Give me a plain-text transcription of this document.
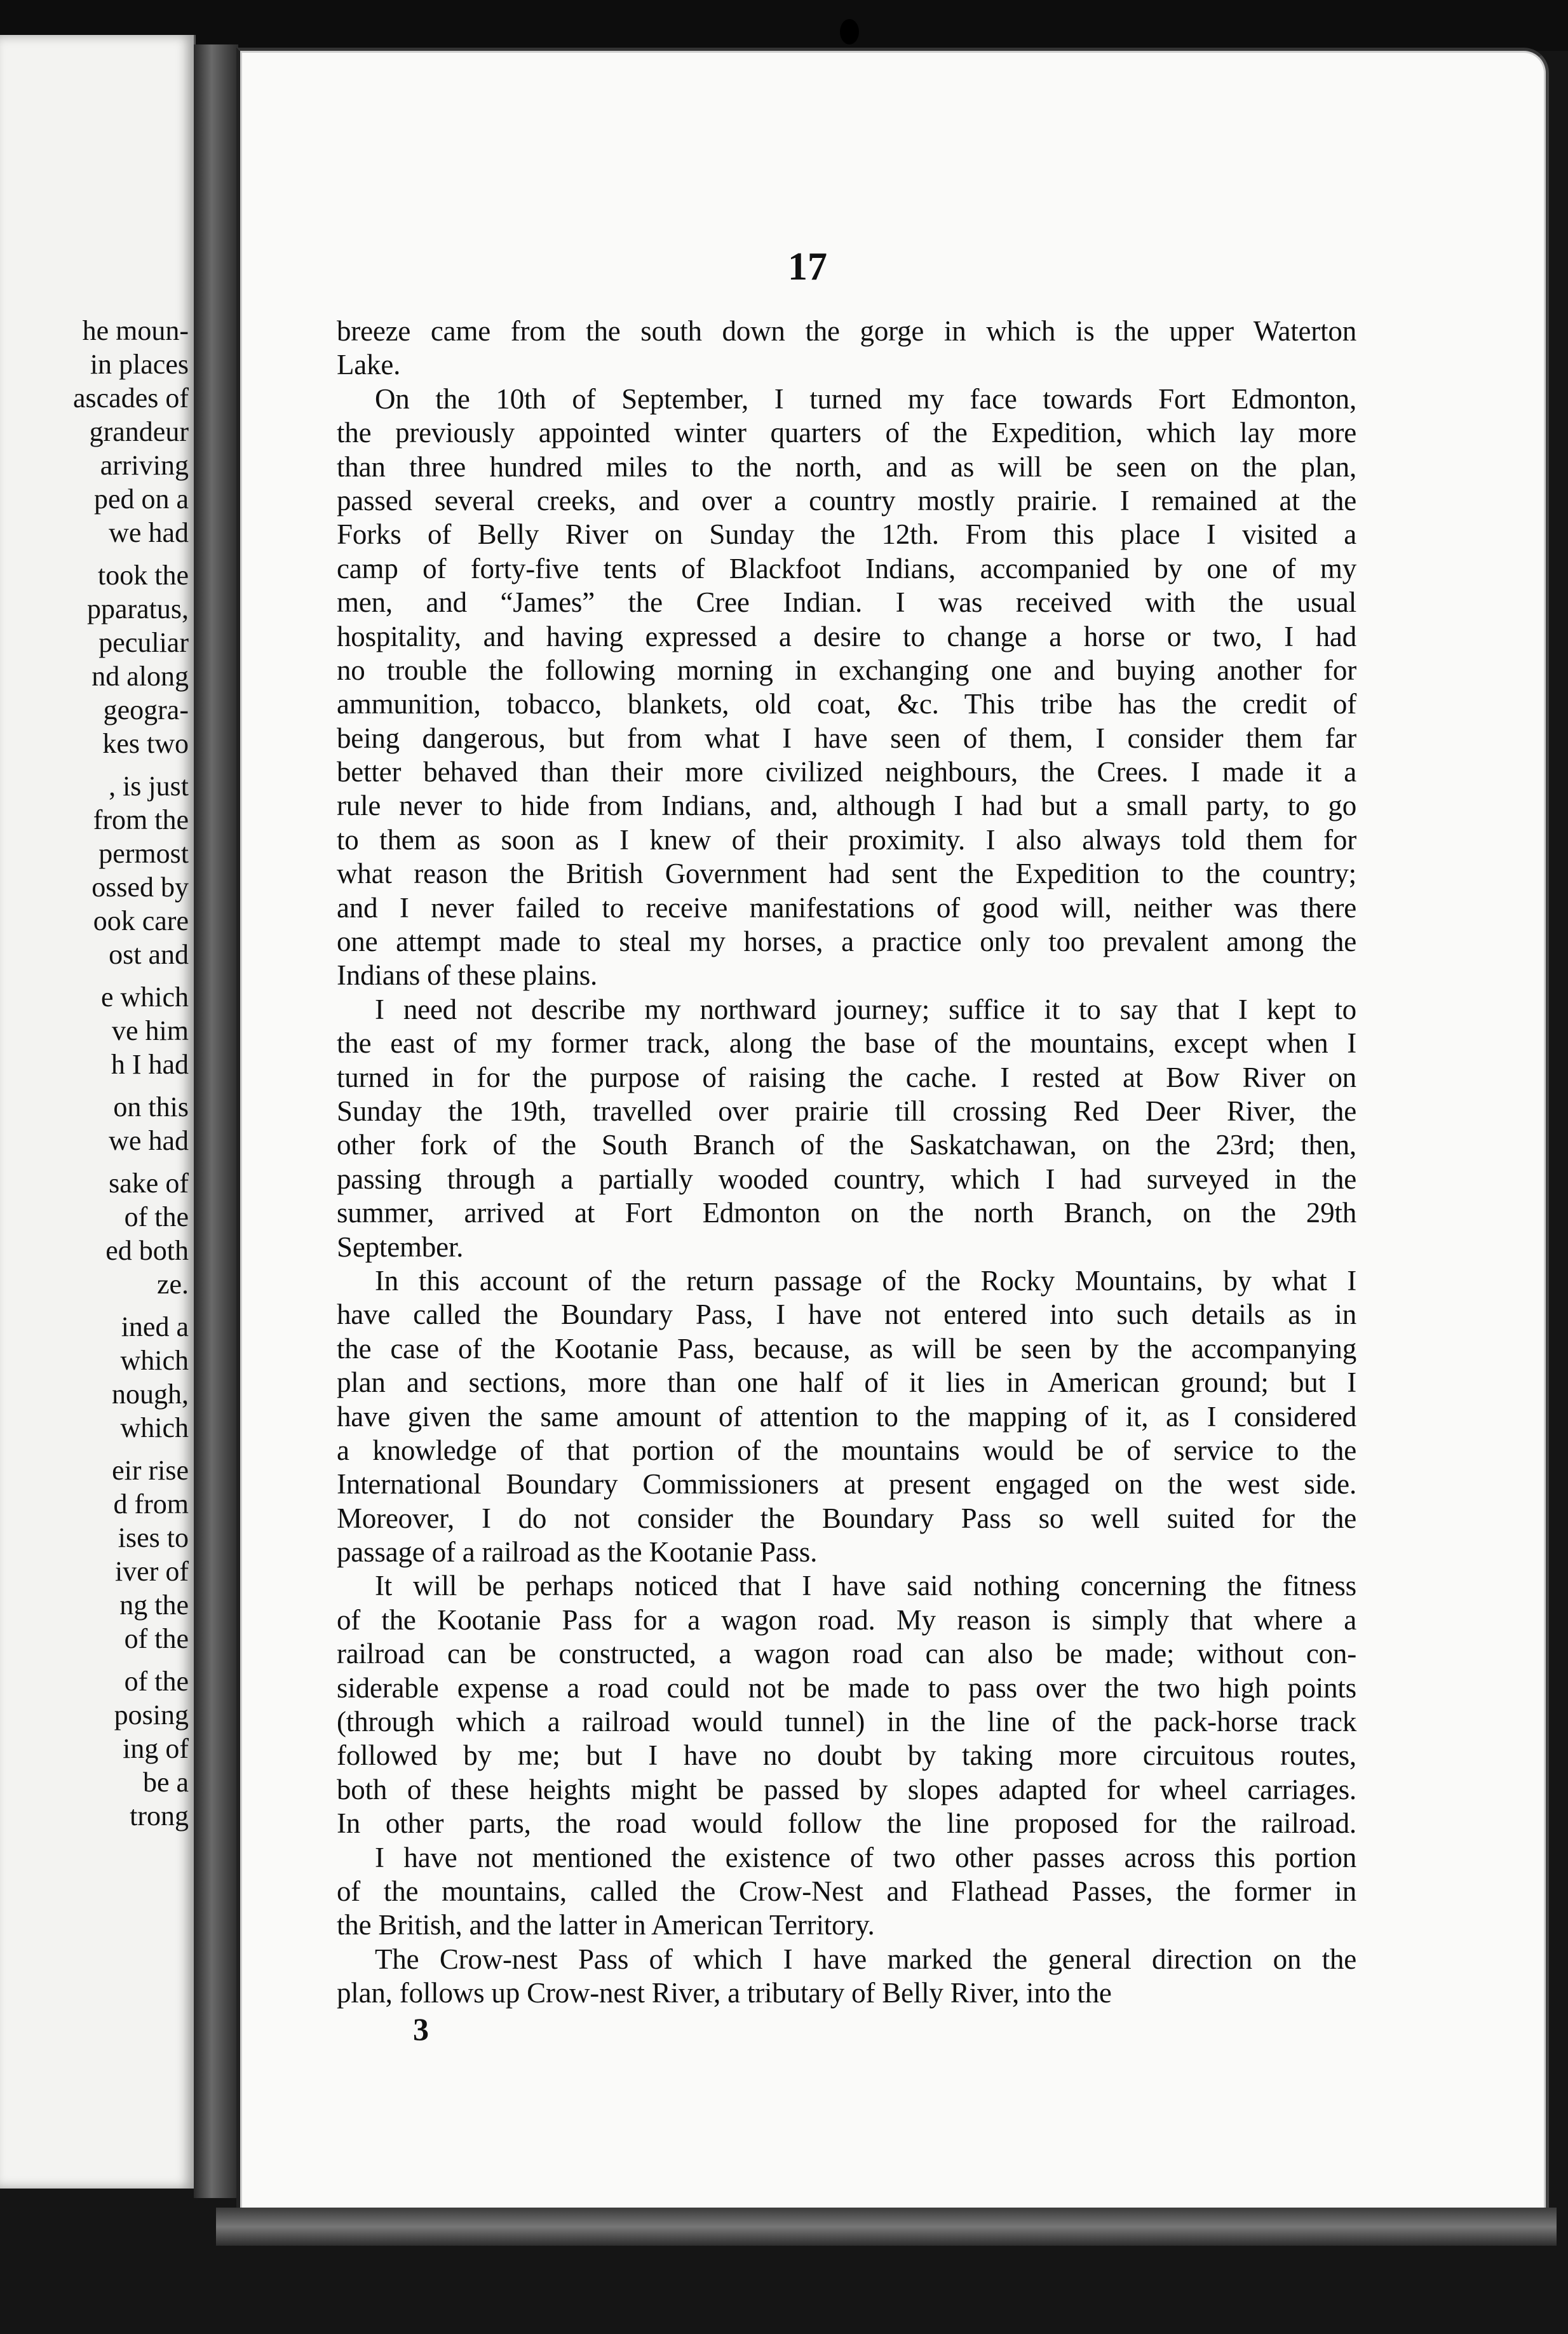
he moun-
in places
ascades of
grandeur
arriving
ped on a
we had
took the
pparatus,
peculiar
nd along
geogra-
kes two
, is just
from the
permost
ossed by
ook care
ost and
e which
ve him
h I had
on this
we had
sake of
of the
ed both
ze.
ined a
which
nough,
which
eir rise
d from
ises to
iver of
ng the
of the
of the
posing
ing of
be a
trong
17
breeze came from the south down the gorge in which is the upper Waterton
Lake.
On the 10th of September, I turned my face towards Fort Edmonton,
the previously appointed winter quarters of the Expedition, which lay more
than three hundred miles to the north, and as will be seen on the plan,
passed several creeks, and over a country mostly prairie. I remained at the
Forks of Belly River on Sunday the 12th. From this place I visited a
camp of forty-five tents of Blackfoot Indians, accompanied by one of my
men, and “James” the Cree Indian. I was received with the usual
hospitality, and having expressed a desire to change a horse or two, I had
no trouble the following morning in exchanging one and buying another for
ammunition, tobacco, blankets, old coat, &c. This tribe has the credit of
being dangerous, but from what I have seen of them, I consider them far
better behaved than their more civilized neighbours, the Crees. I made it a
rule never to hide from Indians, and, although I had but a small party, to go
to them as soon as I knew of their proximity. I also always told them for
what reason the British Government had sent the Expedition to the country;
and I never failed to receive manifestations of good will, neither was there
one attempt made to steal my horses, a practice only too prevalent among the
Indians of these plains.
I need not describe my northward journey; suffice it to say that I kept to
the east of my former track, along the base of the mountains, except when I
turned in for the purpose of raising the cache. I rested at Bow River on
Sunday the 19th, travelled over prairie till crossing Red Deer River, the
other fork of the South Branch of the Saskatchawan, on the 23rd; then,
passing through a partially wooded country, which I had surveyed in the
summer, arrived at Fort Edmonton on the north Branch, on the 29th
September.
In this account of the return passage of the Rocky Mountains, by what I
have called the Boundary Pass, I have not entered into such details as in
the case of the Kootanie Pass, because, as will be seen by the accompanying
plan and sections, more than one half of it lies in American ground; but I
have given the same amount of attention to the mapping of it, as I considered
a knowledge of that portion of the mountains would be of service to the
International Boundary Commissioners at present engaged on the west side.
Moreover, I do not consider the Boundary Pass so well suited for the
passage of a railroad as the Kootanie Pass.
It will be perhaps noticed that I have said nothing concerning the fitness
of the Kootanie Pass for a wagon road. My reason is simply that where a
railroad can be constructed, a wagon road can also be made; without con-
siderable expense a road could not be made to pass over the two high points
(through which a railroad would tunnel) in the line of the pack-horse track
followed by me; but I have no doubt by taking more circuitous routes,
both of these heights might be passed by slopes adapted for wheel carriages.
In other parts, the road would follow the line proposed for the railroad.
I have not mentioned the existence of two other passes across this portion
of the mountains, called the Crow-Nest and Flathead Passes, the former in
the British, and the latter in American Territory.
The Crow-nest Pass of which I have marked the general direction on the
plan, follows up Crow-nest River, a tributary of Belly River, into the
3
